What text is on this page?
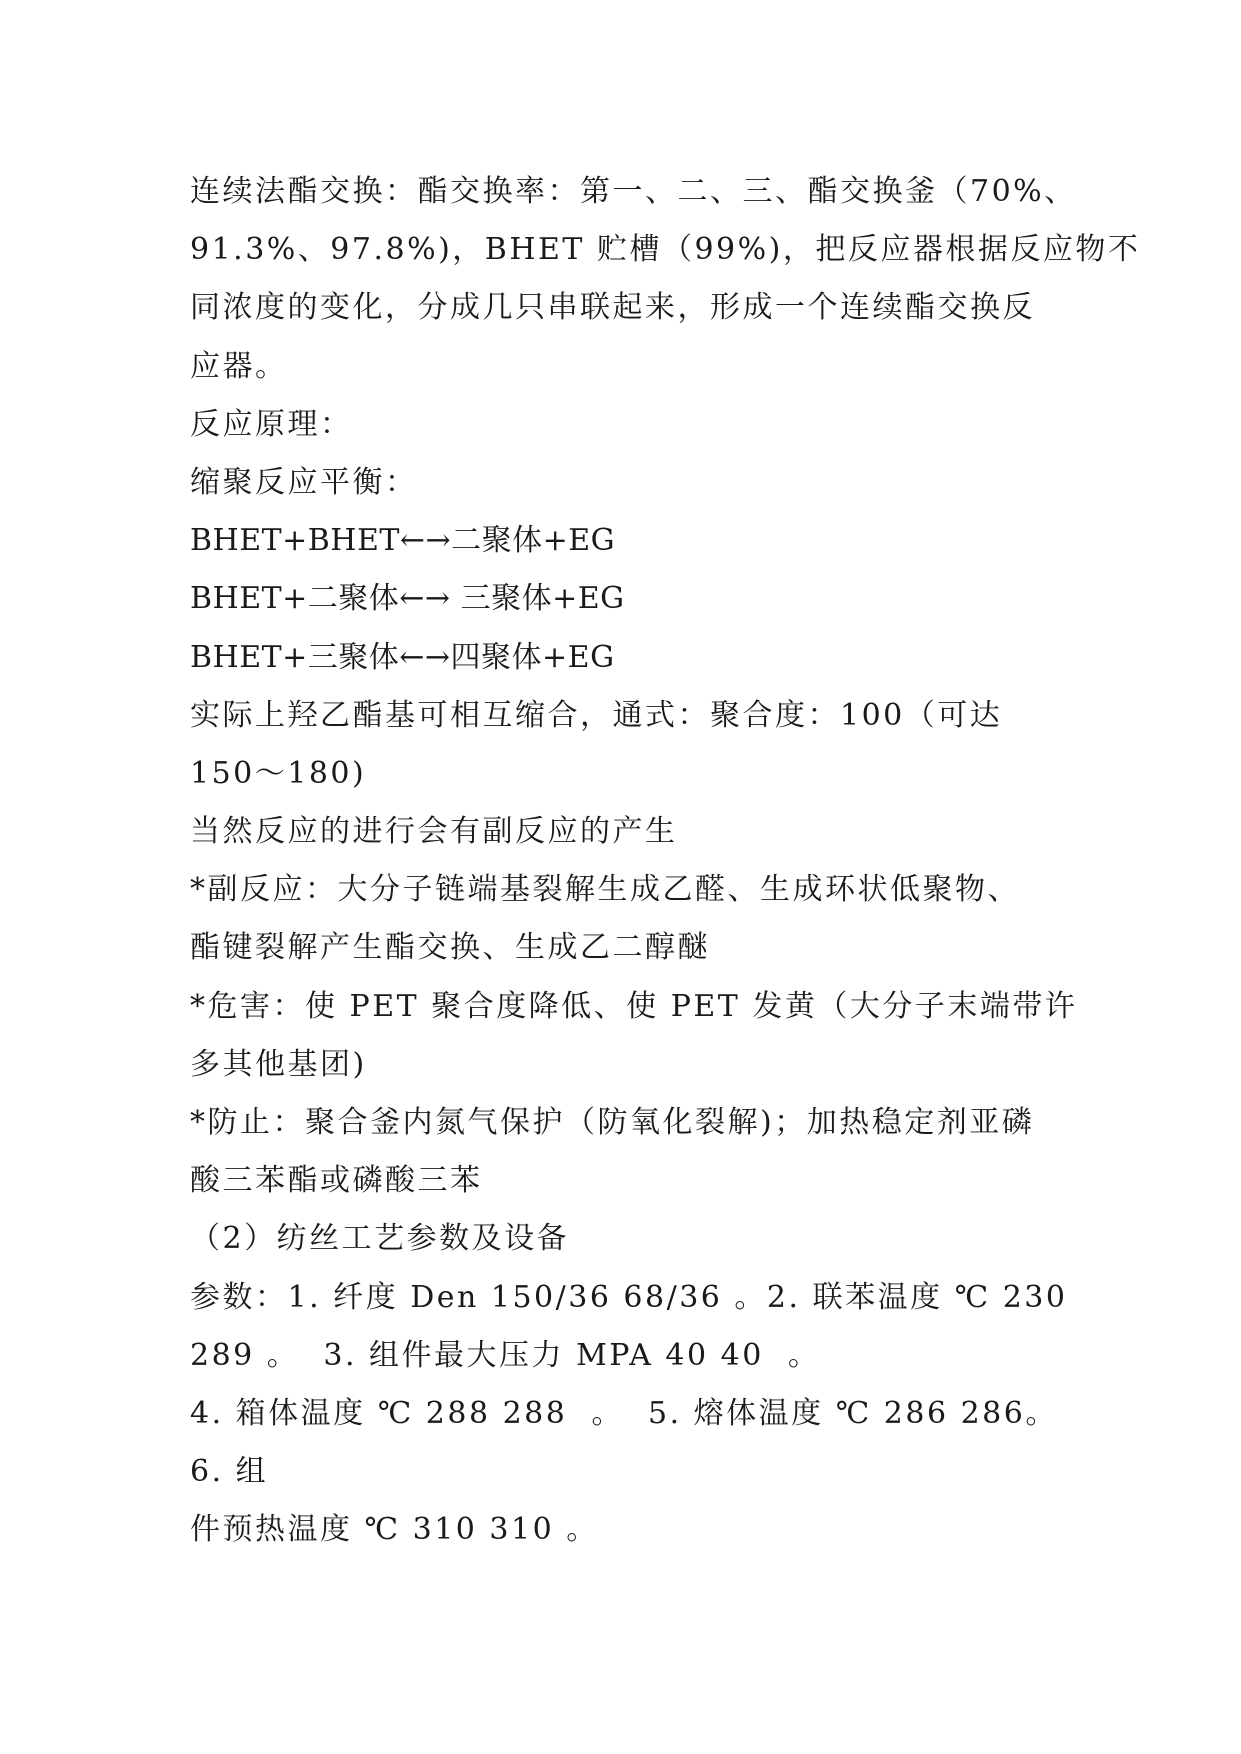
连续法酯交换：酯交换率：第一、二、三、酯交换釜（70%、
91.3%、97.8%)，BHET 贮槽（99%)，把反应器根据反应物不
同浓度的变化，分成几只串联起来，形成一个连续酯交换反
应器。
反应原理：
缩聚反应平衡：
BHET+BHET←→二聚体+EG
BHET+二聚体←→ 三聚体+EG
BHET+三聚体←→四聚体+EG
实际上羟乙酯基可相互缩合，通式：聚合度：100（可达
150～180)
当然反应的进行会有副反应的产生
*副反应：大分子链端基裂解生成乙醛、生成环状低聚物、
酯键裂解产生酯交换、生成乙二醇醚
*危害：使 PET 聚合度降低、使 PET 发黄（大分子末端带许
多其他基团)
*防止：聚合釜内氮气保护（防氧化裂解)；加热稳定剂亚磷
酸三苯酯或磷酸三苯
（2）纺丝工艺参数及设备
参数：1. 纤度 Den 150/36 68/36 。2. 联苯温度 ℃ 230
289 。  3. 组件最大压力 MPA 40 40  。
4. 箱体温度 ℃ 288 288  。  5. 熔体温度 ℃ 286 286。
6. 组
件预热温度 ℃ 310 310 。
